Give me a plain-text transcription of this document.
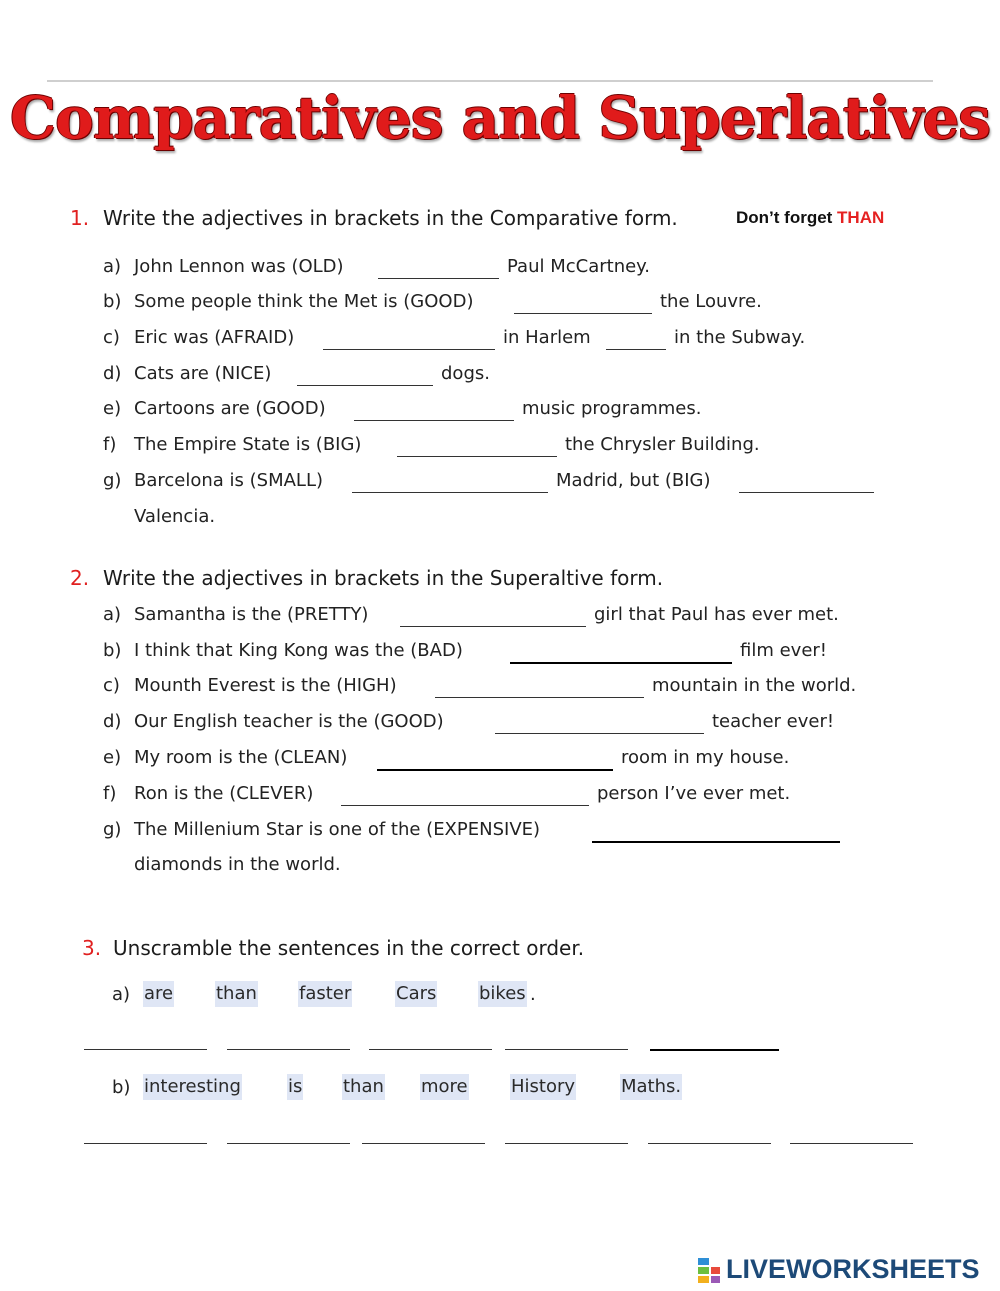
Comparatives and Superlatives
1. Write the adjectives in brackets in the Comparative form.	Don’t forget THAN
a) John Lennon was (OLD)	Paul McCartney.
b) Some people think the Met is (GOOD)	the Louvre.
c) Eric was (AFRAID)	in Harlem	in the Subway.
d) Cats are (NICE)	dogs.
e) Cartoons are (GOOD)	music programmes.
f) The Empire State is (BIG)	the Chrysler Building.
g) Barcelona is (SMALL)	Madrid, but (BIG)
Valencia.
2. Write the adjectives in brackets in the Superaltive form.
a) Samantha is the (PRETTY)	girl that Paul has ever met.
b) I think that King Kong was the (BAD)	film ever!
c) Mounth Everest is the (HIGH)	mountain in the world.
d) Our English teacher is the (GOOD)	teacher ever!
e) My room is the (CLEAN)	room in my house.
f) Ron is the (CLEVER)	person I’ve ever met.
g) The Millenium Star is one of the (EXPENSIVE)
diamonds in the world.
3. Unscramble the sentences in the correct order.
a) are than faster Cars bikes .
b) interesting	is than more History	Maths.
LIVEWORKSHEETS
